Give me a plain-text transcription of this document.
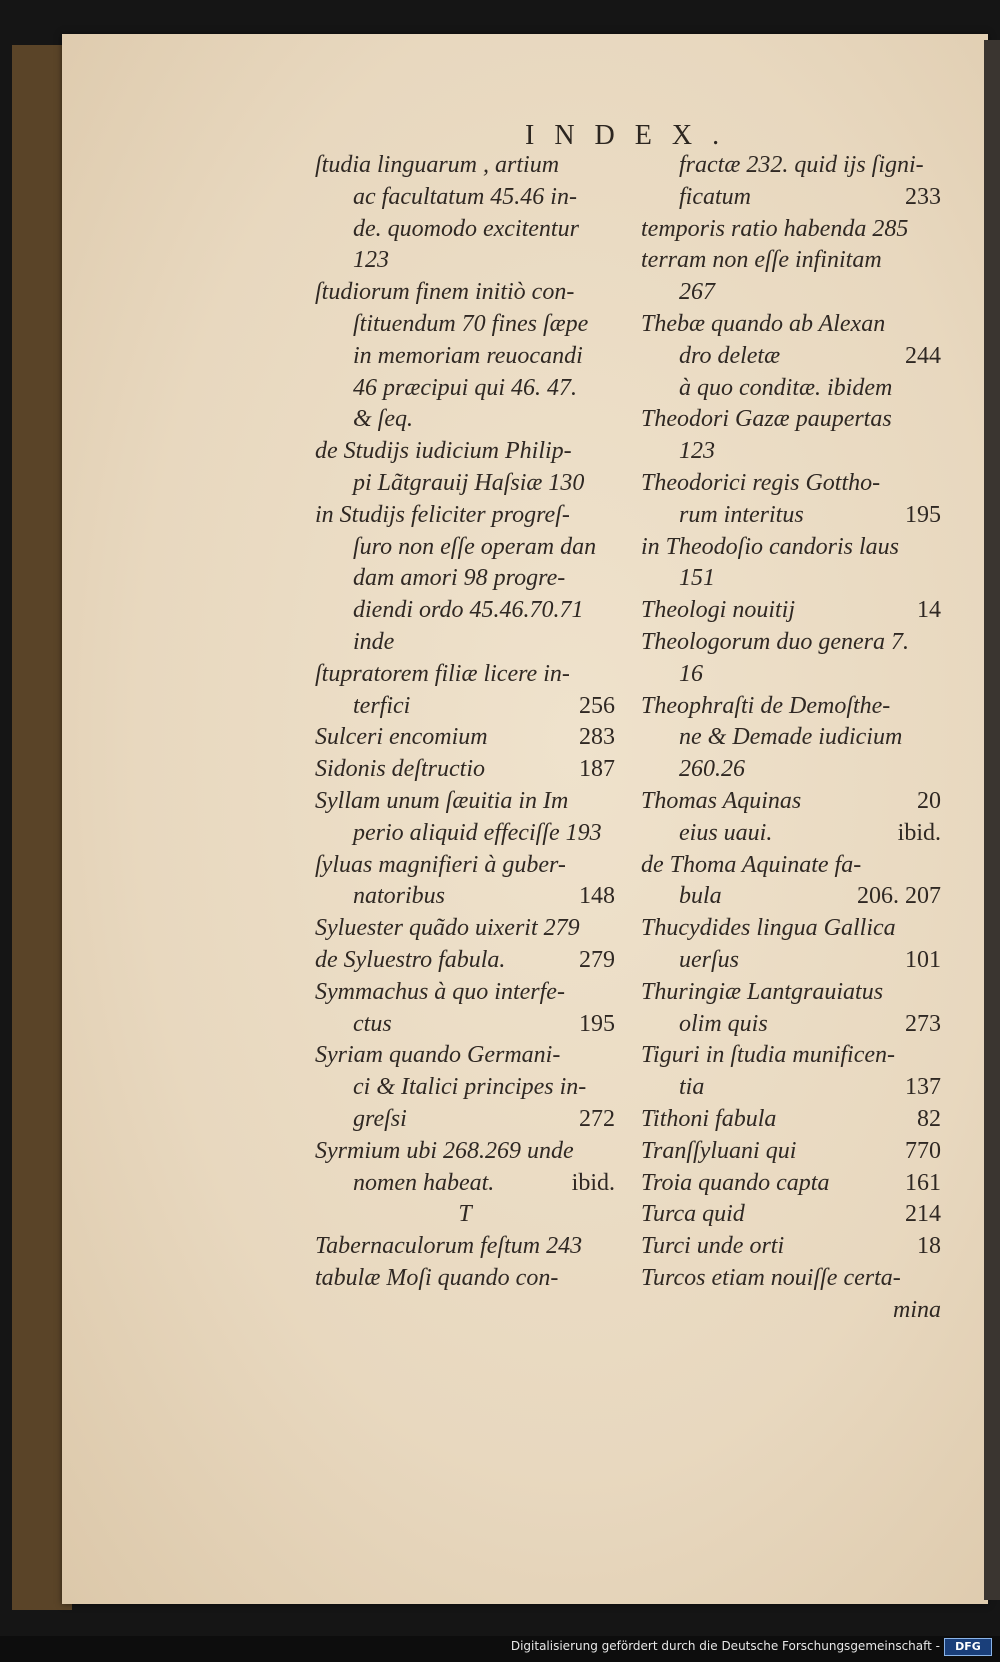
INDEX.
ſtudia linguarum , artium
ac facultatum 45.46 in-
de. quomodo excitentur
123
ſtudiorum finem initiò con-
ſtituendum 70 fines ſæpe
in memoriam reuocandi
46 præcipui qui 46. 47.
& ſeq.
de Studijs iudicium Philip-
pi Lãtgrauij Haſsiæ 130
in Studijs feliciter progreſ-
ſuro non eſſe operam dan
dam amori 98 progre-
diendi ordo 45.46.70.71
inde
ſtupratorem filiæ licere in-
terfici	256
Sulceri encomium	283
Sidonis deſtructio	187
Syllam unum ſæuitia in Im
perio aliquid effeciſſe 193
ſyluas magnifieri à guber-
natoribus	148
Syluester quãdo uixerit 279
de Syluestro fabula.	279
Symmachus à quo interfe-
ctus	195
Syriam quando Germani-
ci & Italici principes in-
greſsi	272
Syrmium ubi 268.269 unde
nomen habeat.	ibid.
T
Tabernaculorum feſtum 243
tabulæ Moſi quando con-
fractæ 232. quid ijs ſigni-
ficatum	233
temporis ratio habenda 285
terram non eſſe infinitam
267
Thebæ quando ab Alexan
dro deletæ	244
à quo conditæ. ibidem
Theodori Gazæ paupertas
123
Theodorici regis Gottho-
rum interitus	195
in Theodoſio candoris laus
151
Theologi nouitij	14
Theologorum duo genera 7.
16
Theophraſti de Demoſthe-
ne & Demade iudicium
260.26
Thomas Aquinas	20
eius uaui.	ibid.
de Thoma Aquinate fa-
bula	206. 207
Thucydides lingua Gallica
uerſus	101
Thuringiæ Lantgrauiatus
olim quis	273
Tiguri in ſtudia munificen-
tia	137
Tithoni fabula	82
Tranſſyluani qui	770
Troia quando capta	161
Turca quid	214
Turci unde orti	18
Turcos etiam nouiſſe certa-
mina
Digitalisierung gefördert durch die Deutsche Forschungsgemeinschaft -	DFG
